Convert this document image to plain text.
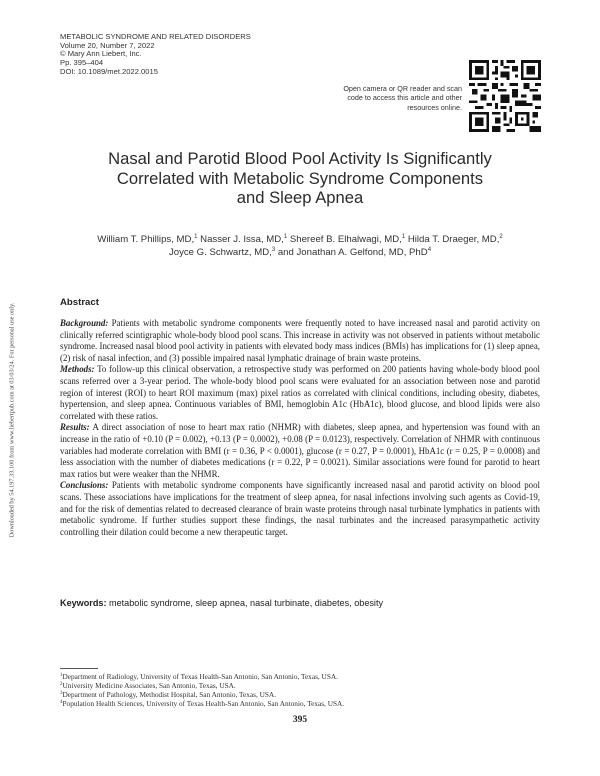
METABOLIC SYNDROME AND RELATED DISORDERS
Volume 20, Number 7, 2022
© Mary Ann Liebert, Inc.
Pp. 395–404
DOI: 10.1089/met.2022.0015
Open camera or QR reader and scan code to access this article and other resources online.
Nasal and Parotid Blood Pool Activity Is Significantly
Correlated with Metabolic Syndrome Components
and Sleep Apnea
William T. Phillips, MD,$^1$ Nasser J. Issa, MD,$^1$ Shereef B. Elhalwagi, MD,$^1$ Hilda T. Draeger, MD,$^2$
Joyce G. Schwartz, MD,$^3$ and Jonathan A. Gelfond, MD, PhD$^4$
Downloaded by 54.197.33.100 from www.liebertpub.com at 03/03/24. For personal use only.
Abstract

Background: Patients with metabolic syndrome components were frequently noted to have increased nasal and parotid activity on clinically referred scintigraphic whole-body blood pool scans. This increase in activity was not observed in patients without metabolic syndrome. Increased nasal blood pool activity in patients with elevated body mass indices (BMIs) has implications for (1) sleep apnea, (2) risk of nasal infection, and (3) possible impaired nasal lymphatic drainage of brain waste proteins.

Methods: To follow-up this clinical observation, a retrospective study was performed on 200 patients having whole-body blood pool scans referred over a 3-year period. The whole-body blood pool scans were evaluated for an association between nose and parotid region of interest (ROI) to heart ROI maximum (max) pixel ratios as correlated with clinical conditions, including obesity, diabetes, hypertension, and sleep apnea. Continuous variables of BMI, hemoglobin A1c (HbA1c), blood glucose, and blood lipids were also correlated with these ratios.

Results: A direct association of nose to heart max ratio (NHMR) with diabetes, sleep apnea, and hypertension was found with an increase in the ratio of +0.10 (P = 0.002), +0.13 (P = 0.0002), +0.08 (P = 0.0123), respectively. Correlation of NHMR with continuous variables had moderate correlation with BMI (r = 0.36, P < 0.0001), glucose (r = 0.27, P = 0.0001), HbA1c (r = 0.25, P = 0.0008) and less association with the number of diabetes medications (r = 0.22, P = 0.0021). Similar associations were found for parotid to heart max ratios but were weaker than the NHMR.

Conclusions: Patients with metabolic syndrome components have significantly increased nasal and parotid activity on blood pool scans. These associations have implications for the treatment of sleep apnea, for nasal infections involving such agents as Covid-19, and for the risk of dementias related to decreased clearance of brain waste proteins through nasal turbinate lymphatics in patients with metabolic syndrome. If further studies support these findings, the nasal turbinates and the increased parasympathetic activity controlling their dilation could become a new therapeutic target.

Keywords: metabolic syndrome, sleep apnea, nasal turbinate, diabetes, obesity
$^1$Department of Radiology, University of Texas Health-San Antonio, San Antonio, Texas, USA.
$^2$University Medicine Associates, San Antonio, Texas, USA.
$^3$Department of Pathology, Methodist Hospital, San Antonio, Texas, USA.
$^4$Population Health Sciences, University of Texas Health-San Antonio, San Antonio, Texas, USA.
395
